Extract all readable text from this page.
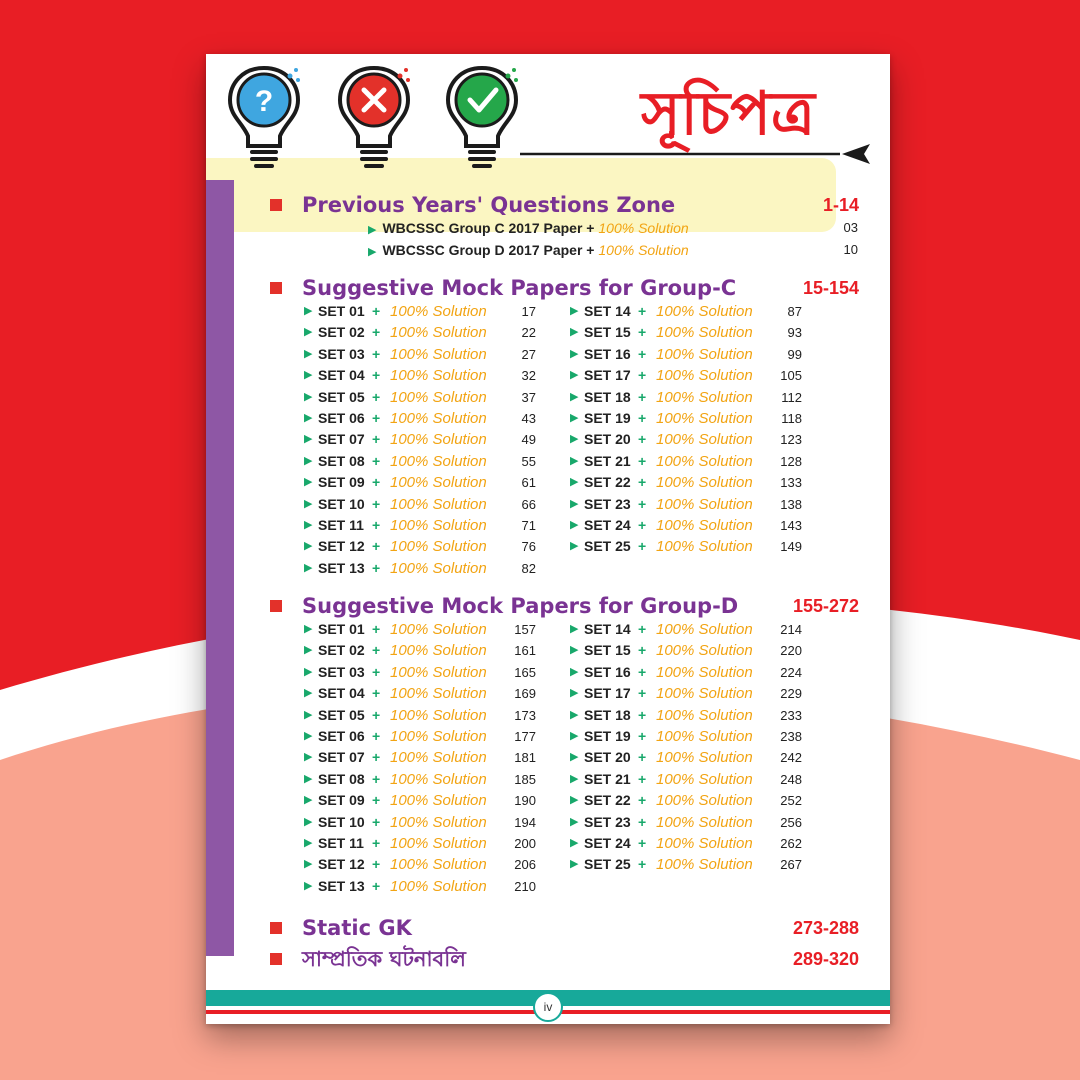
?	সূচিপত্র
Previous Years' Questions Zone	1-14
▶ WBCSSC Group C 2017 Paper + 100% Solution	03
▶ WBCSSC Group D 2017 Paper + 100% Solution	10
Suggestive Mock Papers for Group-C	15-154
▶ SET 01 + 100% Solution	17
▶ SET 02 + 100% Solution	22
▶ SET 03 + 100% Solution	27
▶ SET 04 + 100% Solution	32
▶ SET 05 + 100% Solution	37
▶ SET 06 + 100% Solution	43
▶ SET 07 + 100% Solution	49
▶ SET 08 + 100% Solution	55
▶ SET 09 + 100% Solution	61
▶ SET 10 + 100% Solution	66
▶ SET 11 + 100% Solution	71
▶ SET 12 + 100% Solution	76
▶ SET 13 + 100% Solution	82
▶ SET 14 + 100% Solution	87
▶ SET 15 + 100% Solution	93
▶ SET 16 + 100% Solution	99
▶ SET 17 + 100% Solution 105
▶ SET 18 + 100% Solution 112
▶ SET 19 + 100% Solution 118
▶ SET 20 + 100% Solution 123
▶ SET 21 + 100% Solution 128
▶ SET 22 + 100% Solution 133
▶ SET 23 + 100% Solution 138
▶ SET 24 + 100% Solution 143
▶ SET 25 + 100% Solution 149
Suggestive Mock Papers for Group-D	155-272
▶ SET 01 + 100% Solution 157
▶ SET 02 + 100% Solution 161
▶ SET 03 + 100% Solution 165
▶ SET 04 + 100% Solution 169
▶ SET 05 + 100% Solution 173
▶ SET 06 + 100% Solution 177
▶ SET 07 + 100% Solution 181
▶ SET 08 + 100% Solution 185
▶ SET 09 + 100% Solution 190
▶ SET 10 + 100% Solution 194
▶ SET 11 + 100% Solution 200
▶ SET 12 + 100% Solution 206
▶ SET 13 + 100% Solution 210
▶ SET 14 + 100% Solution 214
▶ SET 15 + 100% Solution 220
▶ SET 16 + 100% Solution 224
▶ SET 17 + 100% Solution 229
▶ SET 18 + 100% Solution 233
▶ SET 19 + 100% Solution 238
▶ SET 20 + 100% Solution 242
▶ SET 21 + 100% Solution 248
▶ SET 22 + 100% Solution 252
▶ SET 23 + 100% Solution 256
▶ SET 24 + 100% Solution 262
▶ SET 25 + 100% Solution 267
Static GK	273-288
সাম্প্রতিক ঘটনাবলি	289-320
iv
